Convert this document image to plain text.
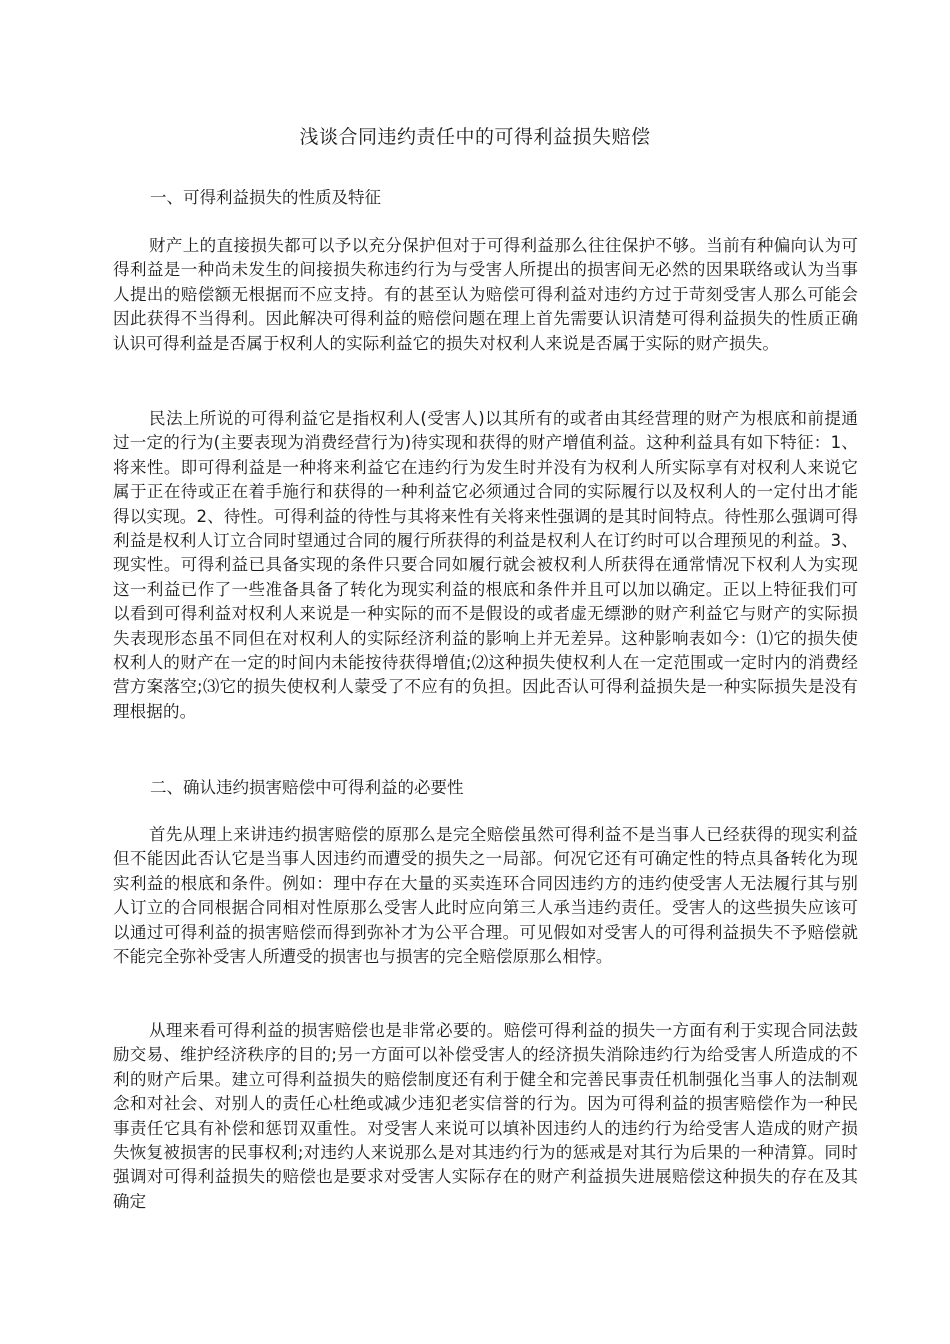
浅谈合同违约责任中的可得利益损失赔偿
一、可得利益损失的性质及特征

财产上的直接损失都可以予以充分保护但对于可得利益那么往往保护不够。当前有种偏向认为可得利益是一种尚未发生的间接损失称违约行为与受害人所提出的损害间无必然的因果联络或认为当事人提出的赔偿额无根据而不应支持。有的甚至认为赔偿可得利益对违约方过于苛刻受害人那么可能会因此获得不当得利。因此解决可得利益的赔偿问题在理上首先需要认识清楚可得利益损失的性质正确认识可得利益是否属于权利人的实际利益它的损失对权利人来说是否属于实际的财产损失。

民法上所说的可得利益它是指权利人(受害人)以其所有的或者由其经营理的财产为根底和前提通过一定的行为(主要表现为消费经营行为)待实现和获得的财产增值利益。这种利益具有如下特征：1、将来性。即可得利益是一种将来利益它在违约行为发生时并没有为权利人所实际享有对权利人来说它属于正在待或正在着手施行和获得的一种利益它必须通过合同的实际履行以及权利人的一定付出才能得以实现。2、待性。可得利益的待性与其将来性有关将来性强调的是其时间特点。待性那么强调可得利益是权利人订立合同时望通过合同的履行所获得的利益是权利人在订约时可以合理预见的利益。3、现实性。可得利益已具备实现的条件只要合同如履行就会被权利人所获得在通常情况下权利人为实现这一利益已作了一些准备具备了转化为现实利益的根底和条件并且可以加以确定。正以上特征我们可以看到可得利益对权利人来说是一种实际的而不是假设的或者虚无缥渺的财产利益它与财产的实际损失表现形态虽不同但在对权利人的实际经济利益的影响上并无差异。这种影响表如今：⑴它的损失使权利人的财产在一定的时间内未能按待获得增值;⑵这种损失使权利人在一定范围或一定时内的消费经营方案落空;⑶它的损失使权利人蒙受了不应有的负担。因此否认可得利益损失是一种实际损失是没有理根据的。

二、确认违约损害赔偿中可得利益的必要性

首先从理上来讲违约损害赔偿的原那么是完全赔偿虽然可得利益不是当事人已经获得的现实利益但不能因此否认它是当事人因违约而遭受的损失之一局部。何况它还有可确定性的特点具备转化为现实利益的根底和条件。例如：理中存在大量的买卖连环合同因违约方的违约使受害人无法履行其与别人订立的合同根据合同相对性原那么受害人此时应向第三人承当违约责任。受害人的这些损失应该可以通过可得利益的损害赔偿而得到弥补才为公平合理。可见假如对受害人的可得利益损失不予赔偿就不能完全弥补受害人所遭受的损害也与损害的完全赔偿原那么相悖。

从理来看可得利益的损害赔偿也是非常必要的。赔偿可得利益的损失一方面有利于实现合同法鼓励交易、维护经济秩序的目的;另一方面可以补偿受害人的经济损失消除违约行为给受害人所造成的不利的财产后果。建立可得利益损失的赔偿制度还有利于健全和完善民事责任机制强化当事人的法制观念和对社会、对别人的责任心杜绝或减少违犯老实信誉的行为。因为可得利益的损害赔偿作为一种民事责任它具有补偿和惩罚双重性。对受害人来说可以填补因违约人的违约行为给受害人造成的财产损失恢复被损害的民事权利;对违约人来说那么是对其违约行为的惩戒是对其行为后果的一种清算。同时强调对可得利益损失的赔偿也是要求对受害人实际存在的财产利益损失进展赔偿这种损失的存在及其确定
